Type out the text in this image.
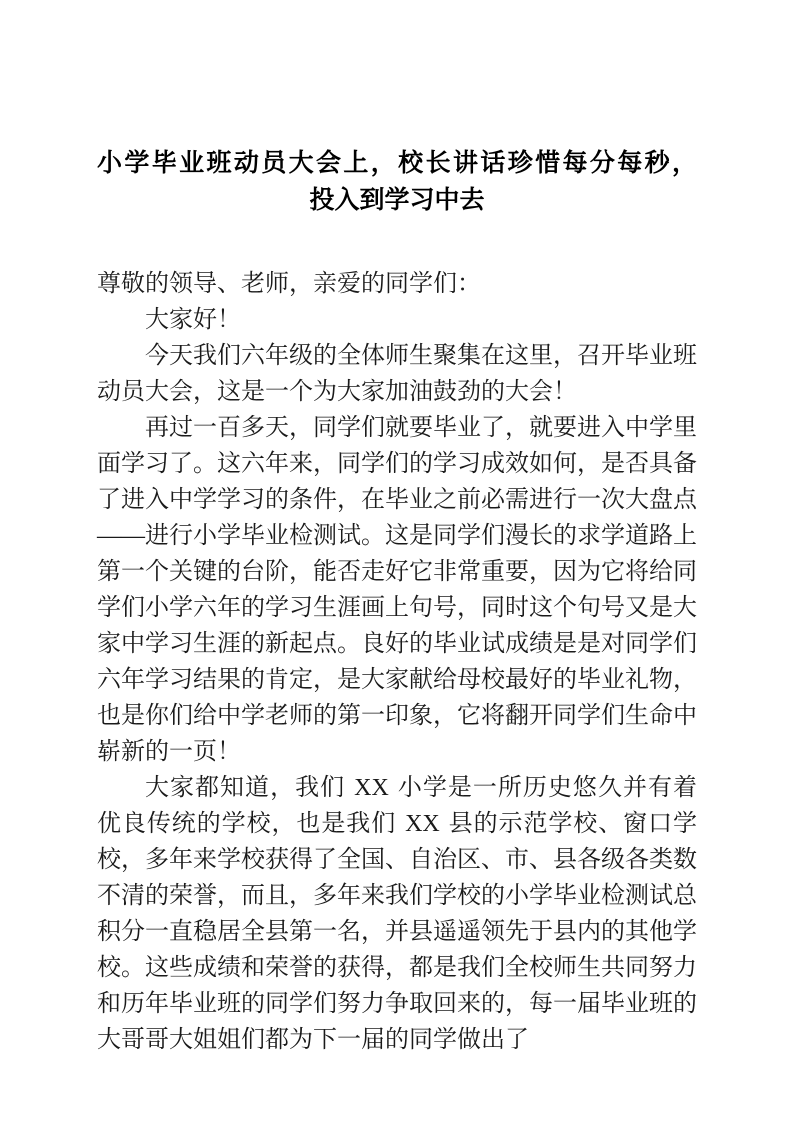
小学毕业班动员大会上，校长讲话珍惜每分每秒，
投入到学习中去

尊敬的领导、老师，亲爱的同学们：

大家好！

今天我们六年级的全体师生聚集在这里，召开毕业班动员大会，这是一个为大家加油鼓劲的大会！

再过一百多天，同学们就要毕业了，就要进入中学里面学习了。这六年来，同学们的学习成效如何，是否具备了进入中学学习的条件，在毕业之前必需进行一次大盘点——进行小学毕业检测试。这是同学们漫长的求学道路上第一个关键的台阶，能否走好它非常重要，因为它将给同学们小学六年的学习生涯画上句号，同时这个句号又是大家中学习生涯的新起点。良好的毕业试成绩是是对同学们六年学习结果的肯定，是大家献给母校最好的毕业礼物，也是你们给中学老师的第一印象，它将翻开同学们生命中崭新的一页！

大家都知道，我们 XX 小学是一所历史悠久并有着优良传统的学校，也是我们 XX 县的示范学校、窗口学校，多年来学校获得了全国、自治区、市、县各级各类数不清的荣誉，而且，多年来我们学校的小学毕业检测试总积分一直稳居全县第一名，并县遥遥领先于县内的其他学校。这些成绩和荣誉的获得，都是我们全校师生共同努力和历年毕业班的同学们努力争取回来的，每一届毕业班的大哥哥大姐姐们都为下一届的同学做出了
